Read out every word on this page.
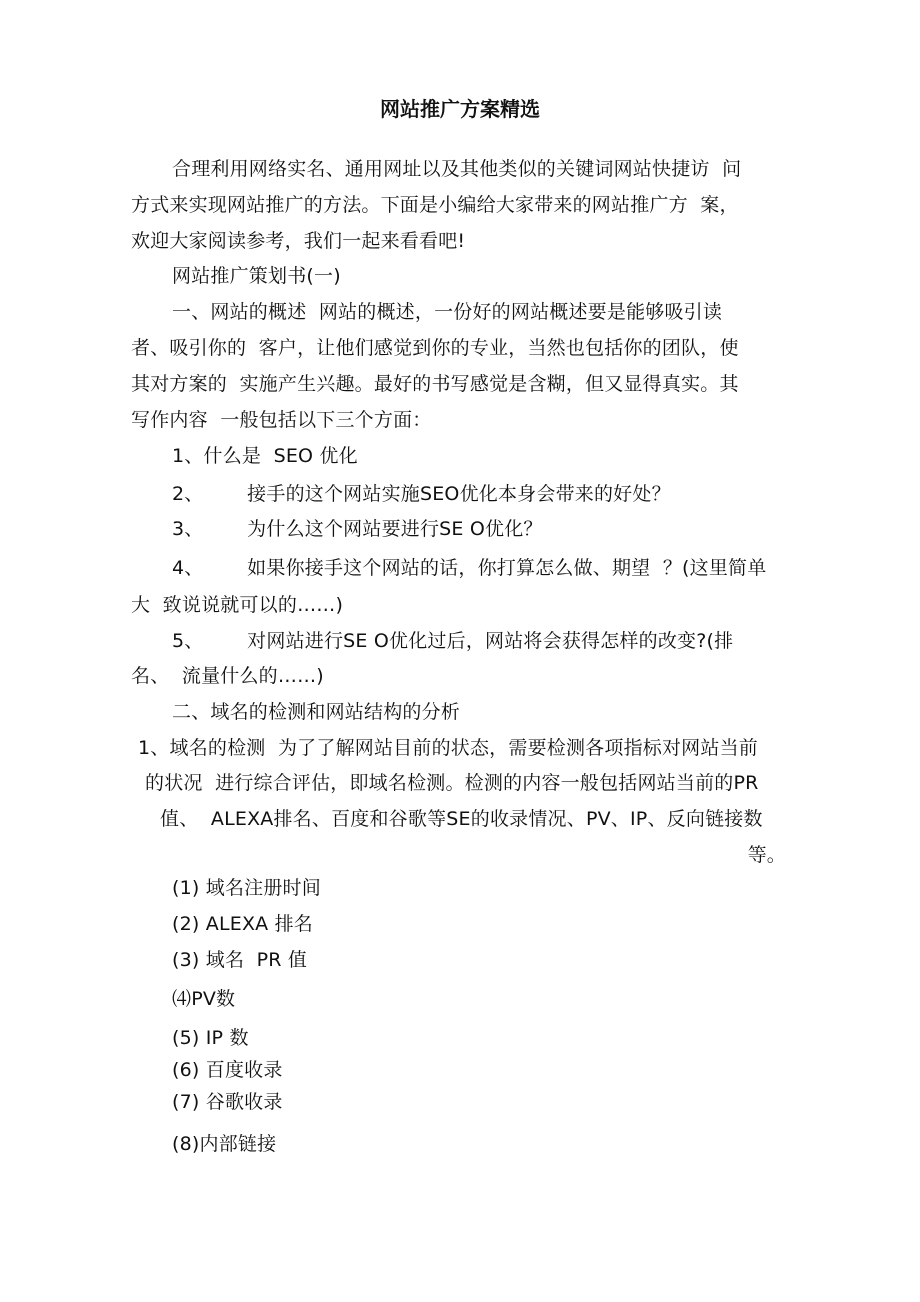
网站推广方案精选
合理利用网络实名、通用网址以及其他类似的关键词网站快捷访  问
方式来实现网站推广的方法。下面是小编给大家带来的网站推广方  案，
欢迎大家阅读参考，我们一起来看看吧!
网站推广策划书(一)
一、网站的概述  网站的概述，一份好的网站概述要是能够吸引读
者、吸引你的  客户，让他们感觉到你的专业，当然也包括你的团队，使
其对方案的  实施产生兴趣。最好的书写感觉是含糊，但又显得真实。其
写作内容  一般包括以下三个方面：
1、什么是  SEO 优化
2、       接手的这个网站实施SEO优化本身会带来的好处？
3、       为什么这个网站要进行SE O优化？
4、       如果你接手这个网站的话，你打算怎么做、期望  ？(这里简单
大  致说说就可以的……)
5、       对网站进行SE O优化过后，网站将会获得怎样的改变?(排
名、  流量什么的……)
二、域名的检测和网站结构的分析
1、域名的检测  为了了解网站目前的状态，需要检测各项指标对网站当前
的状况  进行综合评估，即域名检测。检测的内容一般包括网站当前的PR
值、  ALEXA排名、百度和谷歌等SE的收录情况、PV、IP、反向链接数
等。
(1) 域名注册时间
(2) ALEXA 排名
(3) 域名  PR 值
⑷PV数
(5) IP 数
(6) 百度收录
(7) 谷歌收录
(8)内部链接
